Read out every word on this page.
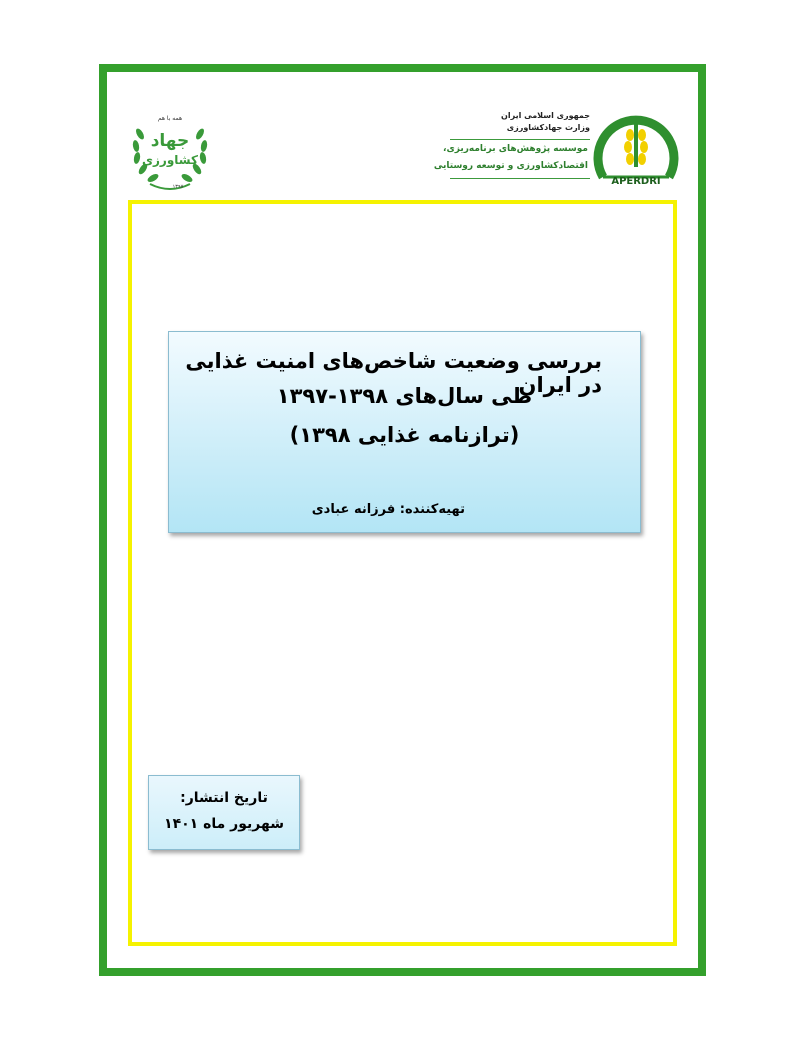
همه با هم
جهاد
کشاورزی
۱۳۹۷
جمهوری اسلامی ایران
وزارت جهادکشاورزی
موسسه پژوهش‌های برنامه‌ریزی،
اقتصادکشاورزی و توسعه روستایی
APERDRI
بررسی وضعیت شاخص‌های امنیت غذایی در ایران
طی سال‌های ۱۳۹۸-۱۳۹۷
(ترازنامه غذایی ۱۳۹۸)
تهیه‌کننده: فرزانه عبادی
تاریخ انتشار:
شهریور ماه ۱۴۰۱
